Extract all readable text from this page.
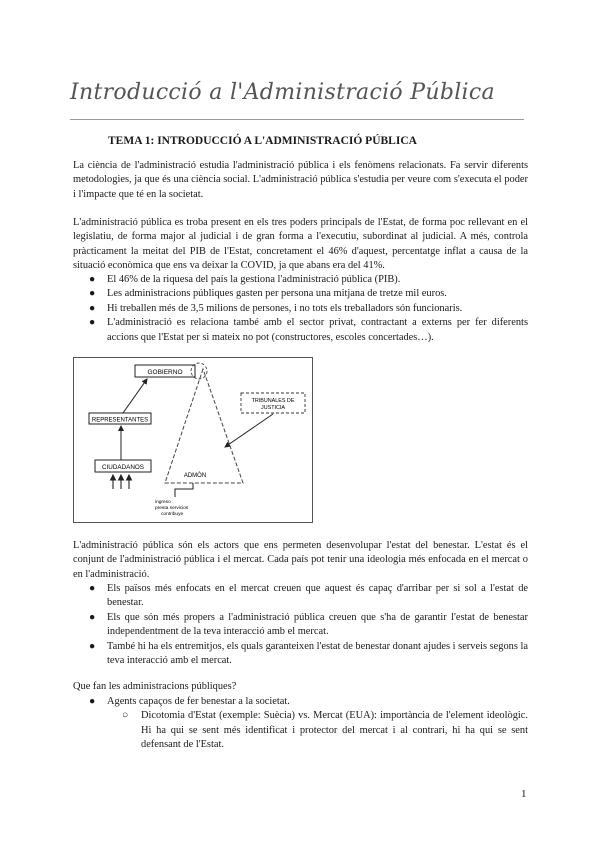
Introducció a l'Administració Pública
TEMA 1: INTRODUCCIÓ A L'ADMINISTRACIÓ PÚBLICA

La ciència de l'administració estudia l'administració pública i els fenòmens relacionats. Fa servir diferents metodologies, ja que és una ciència social. L'administració pública s'estudia per veure com s'executa el poder i l'impacte que té en la societat.

L'administració pública es troba present en els tres poders principals de l'Estat, de forma poc rellevant en el legislatiu, de forma major al judicial i de gran forma a l'executiu, subordinat al judicial. A més, controla pràcticament la meitat del PIB de l'Estat, concretament el 46% d'aquest, percentatge inflat a causa de la situació econòmica que ens va deixar la COVID, ja que abans era del 41%.

● El 46% de la riquesa del país la gestiona l'administració pública (PIB).
● Les administracions públiques gasten per persona una mitjana de tretze mil euros.
● Hi treballen més de 3,5 milions de persones, i no tots els treballadors són funcionaris.
● L'administració es relaciona també amb el sector privat, contractant a externs per fer diferents accions que l'Estat per si mateix no pot (constructores, escoles concertades…).
GOBIERNO
REPRESENTANTES
CIUDADANOS
ADMÓN
TRIBUNALES DE
JUSTICIA
ingreso
presta servicios
contribuye

L'administració pública són els actors que ens permeten desenvolupar l'estat del benestar. L'estat és el conjunt de l'administració pública i el mercat. Cada país pot tenir una ideologia més enfocada en el mercat o en l'administració.

● Els països més enfocats en el mercat creuen que aquest és capaç d'arribar per si sol a l'estat de benestar.
● Els que són més propers a l'administració pública creuen que s'ha de garantir l'estat de benestar independentment de la teva interacció amb el mercat.
● També hi ha els entremitjos, els quals garanteixen l'estat de benestar donant ajudes i serveis segons la teva interacció amb el mercat.

Que fan les administracions públiques?

● Agents capaços de fer benestar a la societat.
○ Dicotomia d'Estat (exemple: Suècia) vs. Mercat (EUA): importància de l'element ideològic. Hi ha qui se sent més identificat i protector del mercat i al contrari, hi ha qui se sent defensant de l'Estat.
1
